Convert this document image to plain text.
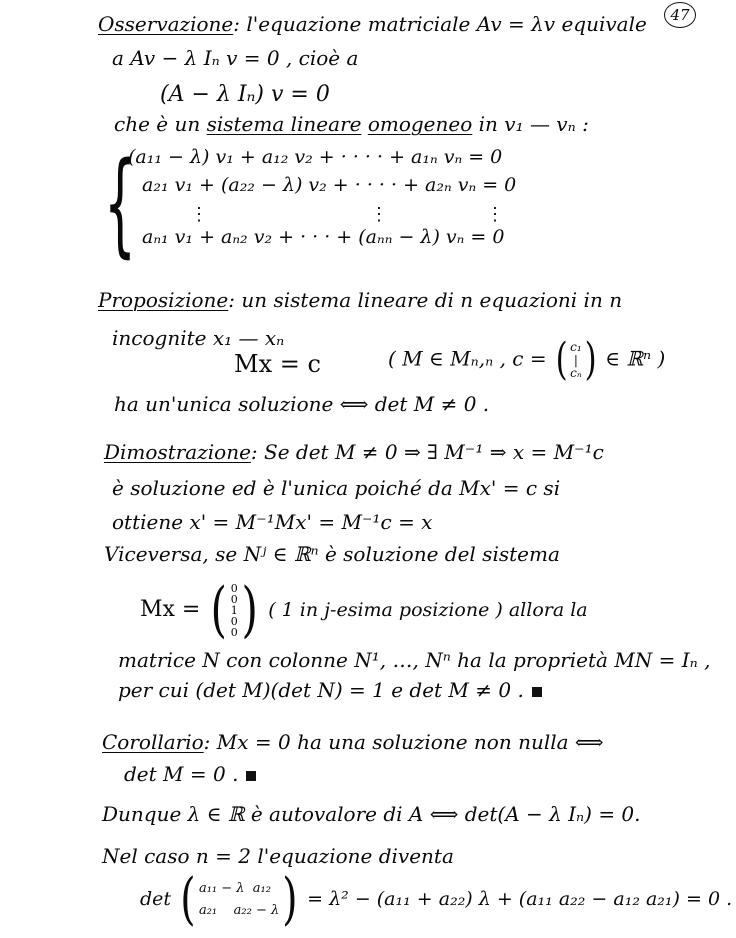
47
Osservazione: l'equazione matriciale Av = λv equivale
a Av − λ Iₙ v = 0 , cioè a
(A − λ Iₙ) v = 0
che è un sistema lineare omogeneo in v₁ — vₙ :
{
(a₁₁ − λ) v₁ + a₁₂ v₂ + · · · · + a₁ₙ vₙ = 0
a₂₁ v₁ + (a₂₂ − λ) v₂ + · · · · + a₂ₙ vₙ = 0
⋮	⋮	⋮
aₙ₁ v₁ + aₙ₂ v₂ + · · · + (aₙₙ − λ) vₙ = 0
Proposizione: un sistema lineare di n equazioni in n
incognite x₁ — xₙ
Mx = c	( M ∈ Mₙ,ₙ , c = ( c₁
|
cₙ) ∈ ℝⁿ )
ha un'unica soluzione ⟺ det M ≠ 0 .
Dimostrazione: Se det M ≠ 0 ⇒ ∃ M⁻¹ ⇒ x = M⁻¹c
è soluzione ed è l'unica poiché da Mx' = c si
ottiene x' = M⁻¹Mx' = M⁻¹c = x
Viceversa, se Nʲ ∈ ℝⁿ è soluzione del sistema
Mx = ( 0
0
1
0
0) ( 1 in j-esima posizione ) allora la
matrice N con colonne N¹, …, Nⁿ ha la proprietà MN = Iₙ ,
per cui (det M)(det N) = 1 e det M ≠ 0 .
Corollario: Mx = 0 ha una soluzione non nulla ⟺
det M = 0 .
Dunque λ ∈ ℝ è autovalore di A ⟺ det(A − λ Iₙ) = 0.
Nel caso n = 2 l'equazione diventa
det ( a₁₁ − λ a₁₂
a₂₁ a₂₂ − λ) = λ² − (a₁₁ + a₂₂) λ + (a₁₁ a₂₂ − a₁₂ a₂₁) = 0 .
